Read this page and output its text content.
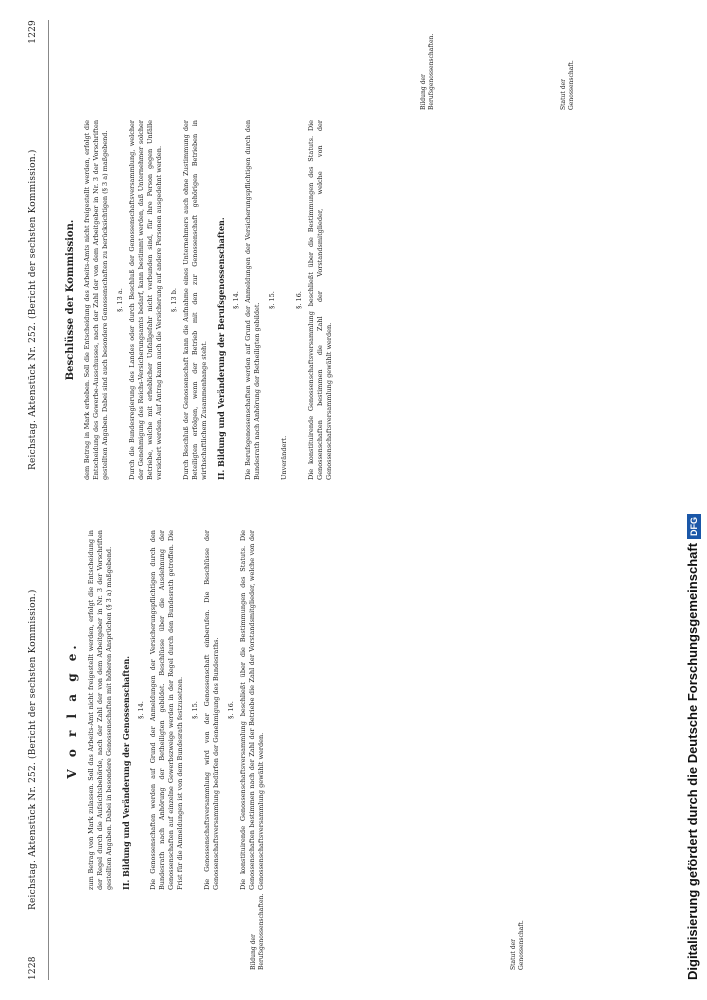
1228
Reichstag. Aktenstück Nr. 252. (Bericht der sechsten Kommission.)
Reichstag. Aktenstück Nr. 252. (Bericht der sechsten Kommission.)
1229
V o r l a g e. zum Betrag von Mark zulassen. Soll das Arbeits-Amt nicht freigestellt werden, erfolgt die Entscheidung in der Regel durch die Aufsichtsbehörde, nach der Zahl der von dem Arbeitgeber in Nr. 3 der Vorschriften gestellten Angaben. Dabei in besondere Genossenschaften mit höheren Ansprüchen (§ 3 a) maßgebend. II. Bildung und Veränderung der Genossenschaften. §. 14. Die Genossenschaften werden auf Grund der Anmeldungen der Versicherungspflichtigen durch den Bundesrath nach Anhörung der Betheiligten gebildet. Beschlüsse über die Ausdehnung der Genossenschaften auf einzelne Gewerbszweige werden in der Regel durch den Bundesrath getroffen. Die Frist für die Anmeldungen ist von dem Bundesrath festzusetzen. §. 15. Die Genossenschaftsversammlung wird von der Genossenschaft einberufen. Die Beschlüsse der Genossenschaftsversammlung bedürfen der Genehmigung des Bundesraths. §. 16. Die konstituirende Genossenschaftsversammlung beschließt über die Bestimmungen des Statuts. Die Genossenschaften bestimmen nach der Zahl der Betriebe die Zahl der Vorstandsmitglieder, welche von der Genossenschaftsversammlung gewählt werden.

Bildung der Berufsgenossenschaften.	Statut der Genossenschaft.
Beschlüsse der Kommission. dem Betrag in Mark erheben. Soll die Entscheidung des Arbeits-Amts nicht freigestellt werden, erfolgt die Entscheidung des Gewerbe-Ausschusses, nach der Zahl der von dem Arbeitgeber in Nr. 3 der Vorschriften gestellten Angaben. Dabei sind auch besondere Genossenschaften zu berücksichtigen (§ 3 a) maßgebend. §. 13 a. Durch die Bundesregierung des Landes oder durch Beschluß der Genossenschaftsversammlung, welcher der Genehmigung des Reichs-Versicherungsamts bedarf, kann bestimmt werden, daß Unternehmer solcher Betriebe, welche mit erheblicher Unfallgefahr nicht verbunden sind, für ihre Person gegen Unfälle versichert werden. Auf Antrag kann auch die Versicherung auf andere Personen ausgedehnt werden. §. 13 b. Durch Beschluß der Genossenschaft kann die Aufnahme eines Unternehmers auch ohne Zustimmung der Beteiligten erfolgen, wenn der Betrieb mit den zur Genossenschaft gehörigen Betrieben in wirthschaftlichem Zusammenhange steht. II. Bildung und Veränderung der Berufsgenossenschaften. §. 14. Die Berufsgenossenschaften werden auf Grund der Anmeldungen der Versicherungspflichtigen durch den Bundesrath nach Anhörung der Betheiligten gebildet.

§. 15.

Unverändert.

§. 16. Die konstituirende Genossenschaftsversammlung beschließt über die Bestimmungen des Statuts. Die Genossenschaften bestimmen die Zahl der Vorstandsmitglieder, welche von der Genossenschaftsversammlung gewählt werden.

Bildung der Berufsgenossenschaften.	Statut der Genossenschaft.
Digitalisierung gefördert durch die Deutsche ForschungsgemeinschaftDFG
